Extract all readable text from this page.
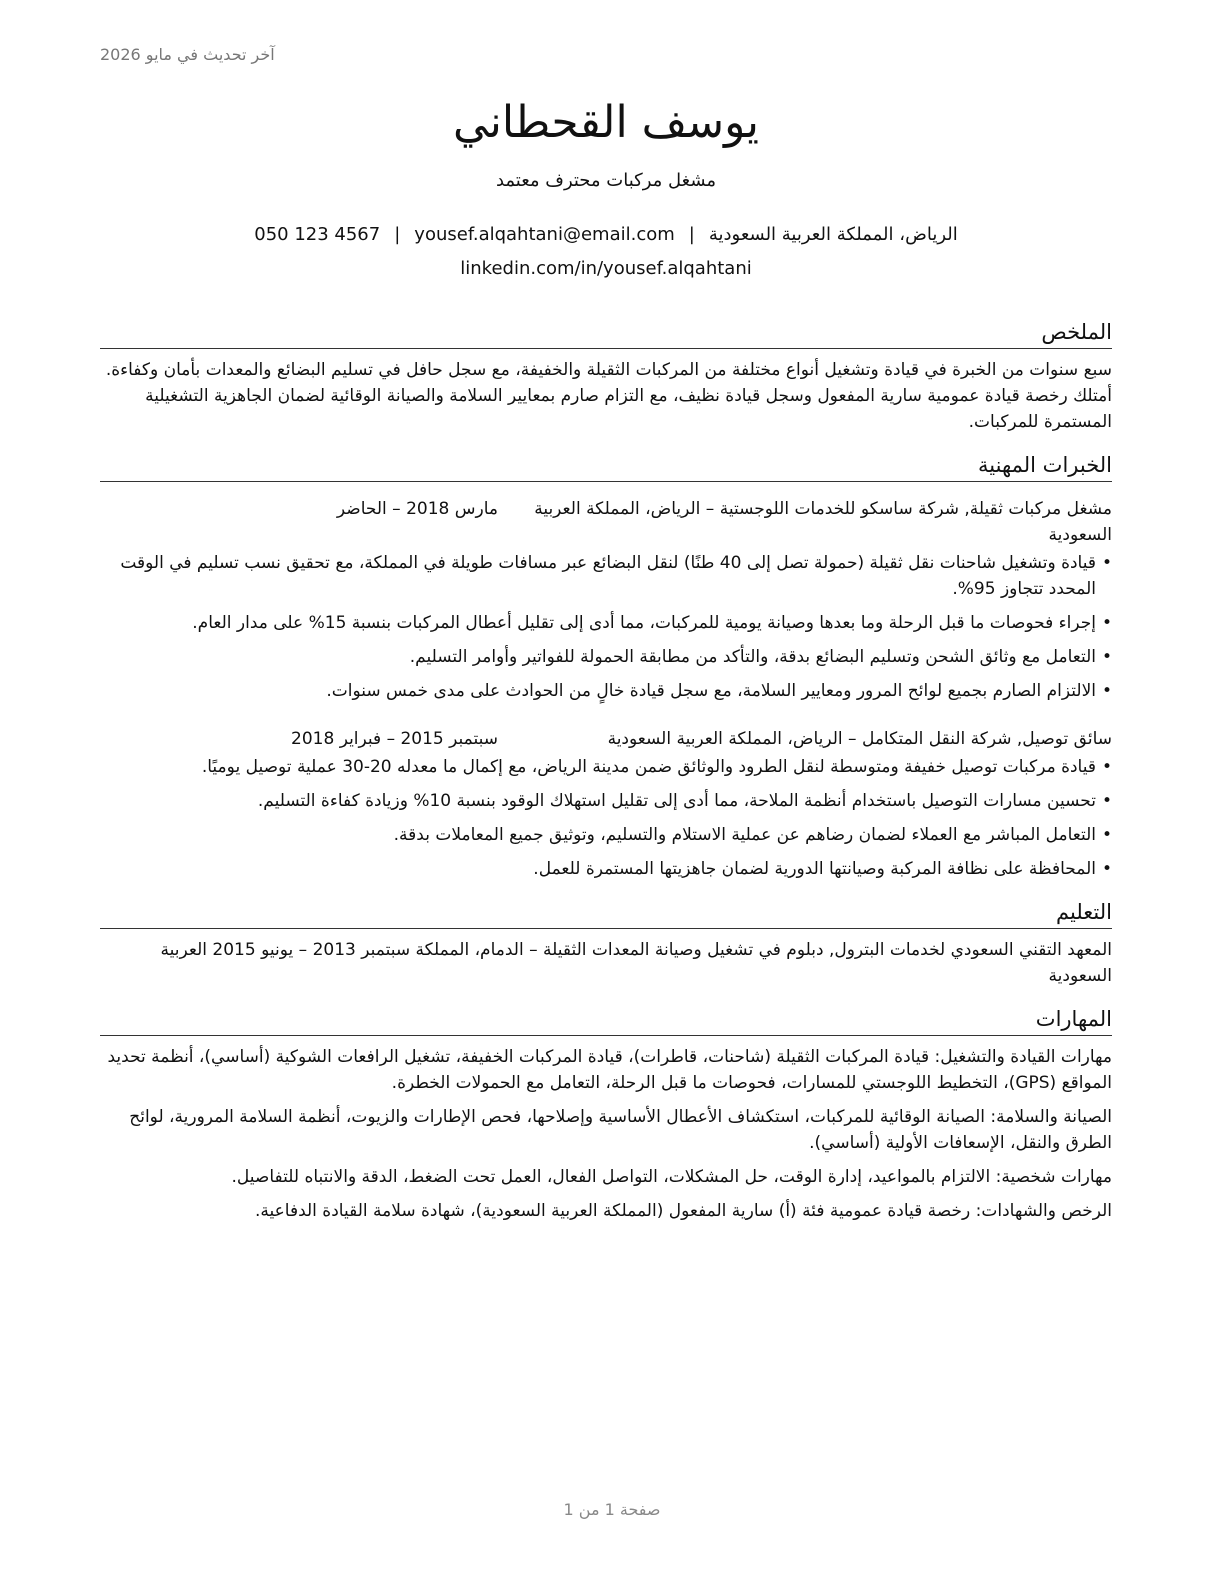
آخر تحديث في مايو 2026
يوسف القحطاني
مشغل مركبات محترف معتمد
الرياض، المملكة العربية السعودية|yousef.alqahtani@email.com|050 123 4567
linkedin.com/in/yousef.alqahtani
الملخص
سبع سنوات من الخبرة في قيادة وتشغيل أنواع مختلفة من المركبات الثقيلة والخفيفة، مع سجل حافل في تسليم البضائع والمعدات بأمان وكفاءة. أمتلك رخصة قيادة عمومية سارية المفعول وسجل قيادة نظيف، مع التزام صارم بمعايير السلامة والصيانة الوقائية لضمان الجاهزية التشغيلية المستمرة للمركبات.
الخبرات المهنية
مشغل مركبات ثقيلة, شركة ساسكو للخدمات اللوجستية – الرياض، المملكة العربية السعودية
مارس 2018 – الحاضر
•
قيادة وتشغيل شاحنات نقل ثقيلة (حمولة تصل إلى 40 طنًا) لنقل البضائع عبر مسافات طويلة في المملكة، مع تحقيق نسب تسليم في الوقت المحدد تتجاوز 95%.
•
إجراء فحوصات ما قبل الرحلة وما بعدها وصيانة يومية للمركبات، مما أدى إلى تقليل أعطال المركبات بنسبة 15% على مدار العام.
•
التعامل مع وثائق الشحن وتسليم البضائع بدقة، والتأكد من مطابقة الحمولة للفواتير وأوامر التسليم.
•
الالتزام الصارم بجميع لوائح المرور ومعايير السلامة، مع سجل قيادة خالٍ من الحوادث على مدى خمس سنوات.
سائق توصيل, شركة النقل المتكامل – الرياض، المملكة العربية السعودية
سبتمبر 2015 – فبراير 2018
•
قيادة مركبات توصيل خفيفة ومتوسطة لنقل الطرود والوثائق ضمن مدينة الرياض، مع إكمال ما معدله 20-30 عملية توصيل يوميًا.
•
تحسين مسارات التوصيل باستخدام أنظمة الملاحة، مما أدى إلى تقليل استهلاك الوقود بنسبة 10% وزيادة كفاءة التسليم.
•
التعامل المباشر مع العملاء لضمان رضاهم عن عملية الاستلام والتسليم، وتوثيق جميع المعاملات بدقة.
•
المحافظة على نظافة المركبة وصيانتها الدورية لضمان جاهزيتها المستمرة للعمل.
التعليم
المعهد التقني السعودي لخدمات البترول, دبلوم في تشغيل وصيانة المعدات الثقيلة – الدمام، المملكة سبتمبر 2013 – يونيو 2015 العربية السعودية
المهارات
مهارات القيادة والتشغيل: قيادة المركبات الثقيلة (شاحنات، قاطرات)، قيادة المركبات الخفيفة، تشغيل الرافعات الشوكية (أساسي)، أنظمة تحديد المواقع (GPS)، التخطيط اللوجستي للمسارات، فحوصات ما قبل الرحلة، التعامل مع الحمولات الخطرة.
الصيانة والسلامة: الصيانة الوقائية للمركبات، استكشاف الأعطال الأساسية وإصلاحها، فحص الإطارات والزيوت، أنظمة السلامة المرورية، لوائح الطرق والنقل، الإسعافات الأولية (أساسي).
مهارات شخصية: الالتزام بالمواعيد، إدارة الوقت، حل المشكلات، التواصل الفعال، العمل تحت الضغط، الدقة والانتباه للتفاصيل.
الرخص والشهادات: رخصة قيادة عمومية فئة (أ) سارية المفعول (المملكة العربية السعودية)، شهادة سلامة القيادة الدفاعية.
صفحة 1 من 1
